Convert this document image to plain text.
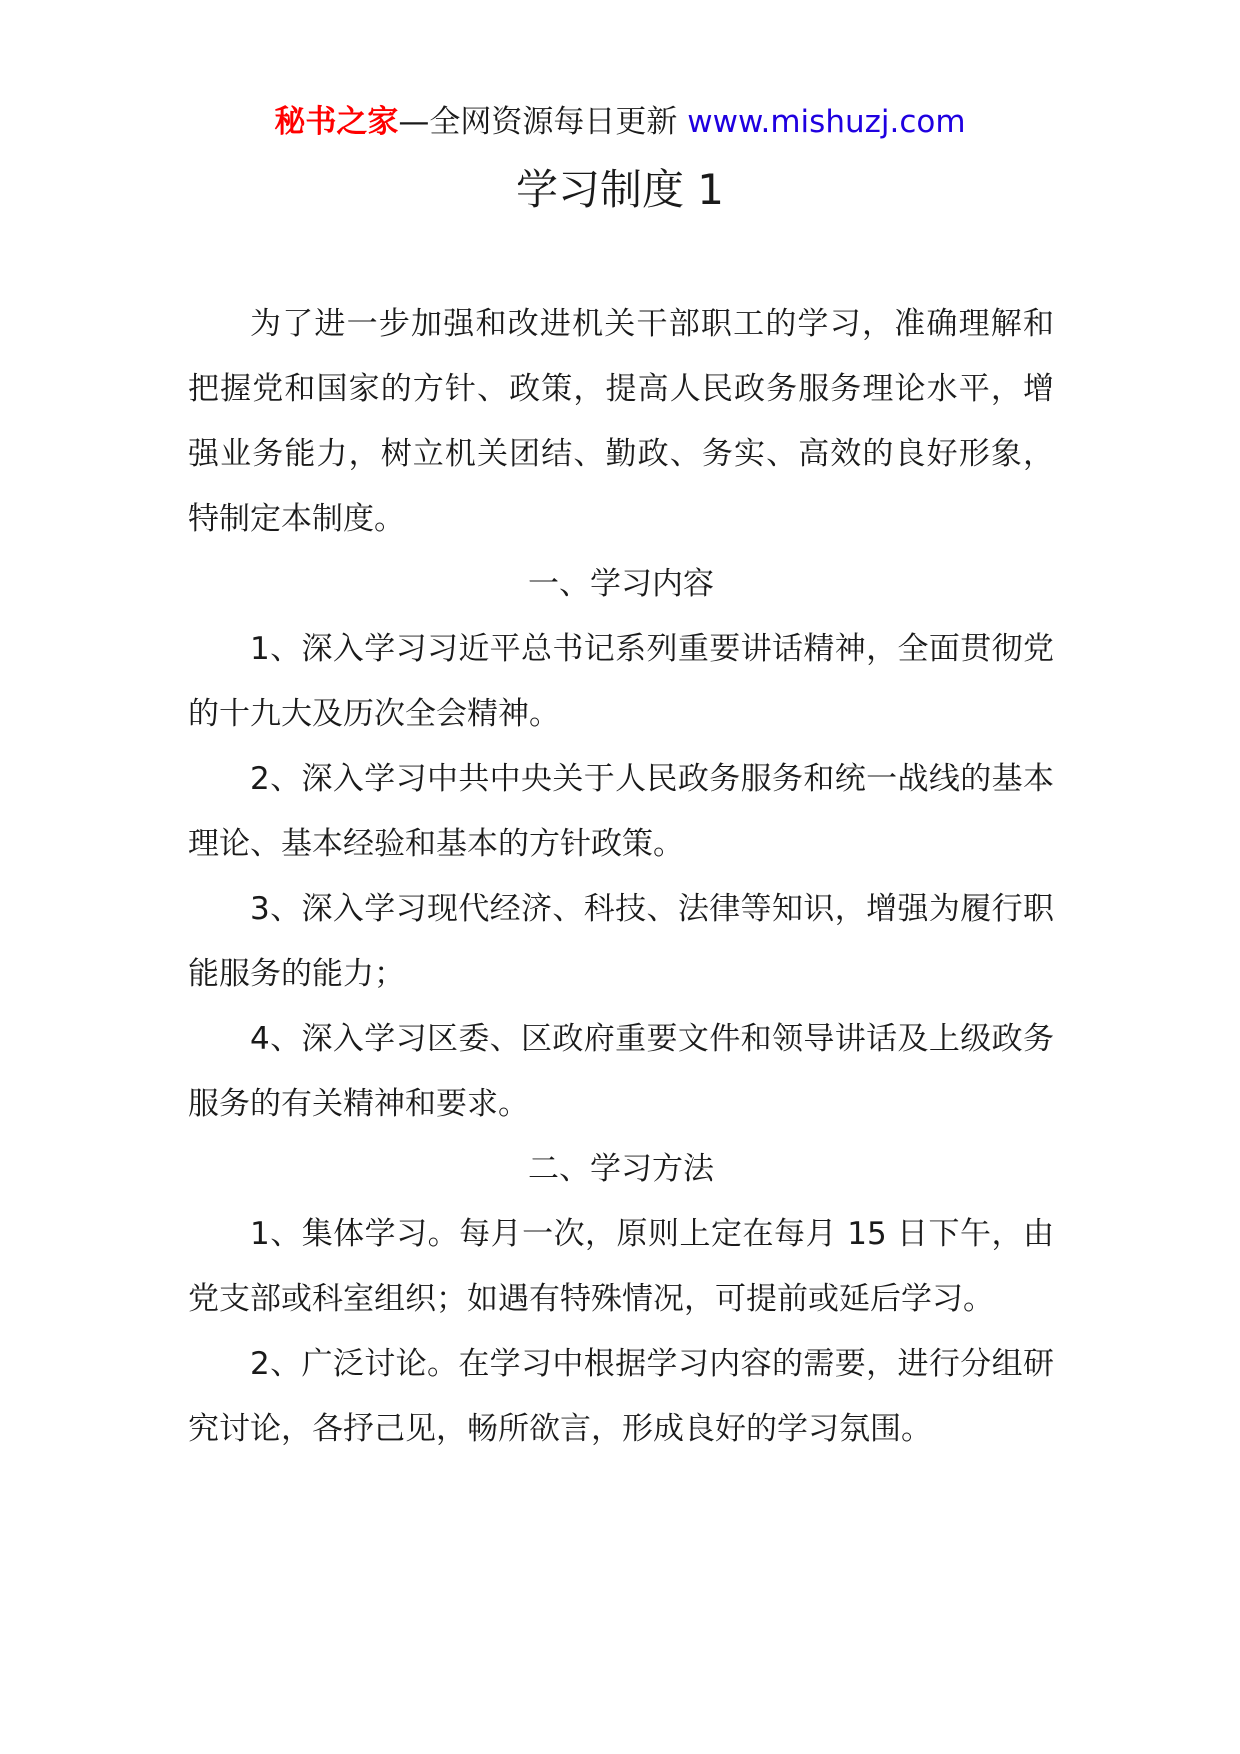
秘书之家—全网资源每日更新 www.mishuzj.com
学习制度 1

为了进一步加强和改进机关干部职工的学习，准确理解和把握党和国家的方针、政策，提高人民政务服务理论水平，增强业务能力，树立机关团结、勤政、务实、高效的良好形象，特制定本制度。

一、学习内容

1、深入学习习近平总书记系列重要讲话精神，全面贯彻党的十九大及历次全会精神。

2、深入学习中共中央关于人民政务服务和统一战线的基本理论、基本经验和基本的方针政策。

3、深入学习现代经济、科技、法律等知识，增强为履行职能服务的能力；

4、深入学习区委、区政府重要文件和领导讲话及上级政务服务的有关精神和要求。

二、学习方法

1、集体学习。每月一次，原则上定在每月 15 日下午，由党支部或科室组织；如遇有特殊情况，可提前或延后学习。

2、广泛讨论。在学习中根据学习内容的需要，进行分组研究讨论，各抒己见，畅所欲言，形成良好的学习氛围。
